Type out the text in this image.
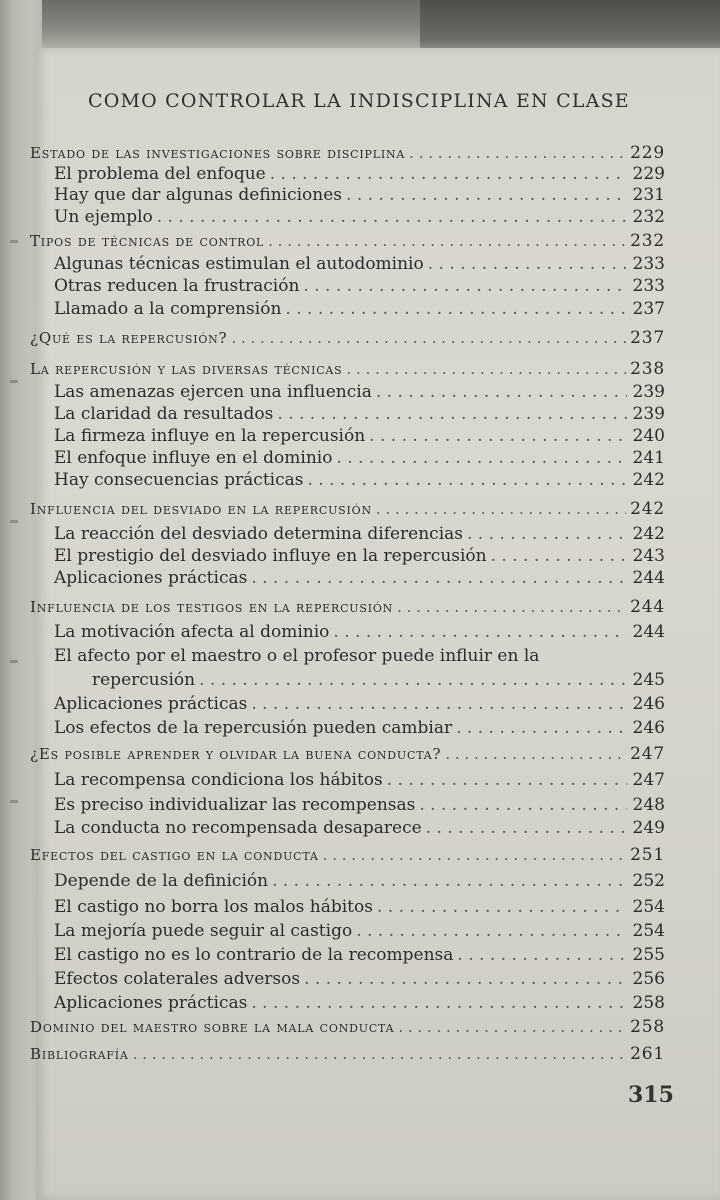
COMO CONTROLAR LA INDISCIPLINA EN CLASE
Estado de las investigaciones sobre disciplina . . .	229
El problema del enfoque . . .	229
Hay que dar algunas definiciones . . .	231
Un ejemplo . . .	232
Tipos de técnicas de control . . .	232
Algunas técnicas estimulan el autodominio . . .	233
Otras reducen la frustración . . .	233
Llamado a la comprensión . . .	237
¿Qué es la repercusión? . . .	237
La repercusión y las diversas técnicas . . .	238
Las amenazas ejercen una influencia . . .	239
La claridad da resultados . . .	239
La firmeza influye en la repercusión . . .	240
El enfoque influye en el dominio . . .	241
Hay consecuencias prácticas . . .	242
Influencia del desviado en la repercusión . . .	242
La reacción del desviado determina diferencias . . .	242
El prestigio del desviado influye en la repercusión . . .	243
Aplicaciones prácticas . . .	244
Influencia de los testigos en la repercusión . . .	244
La motivación afecta al dominio . . .	244
El afecto por el maestro o el profesor puede influir en la
repercusión . . .	245
Aplicaciones prácticas . . .	246
Los efectos de la repercusión pueden cambiar . . .	246
¿Es posible aprender y olvidar la buena conducta? . . .	247
La recompensa condiciona los hábitos . . .	247
Es preciso individualizar las recompensas . . .	248
La conducta no recompensada desaparece . . .	249
Efectos del castigo en la conducta . . .	251
Depende de la definición . . .	252
El castigo no borra los malos hábitos . . .	254
La mejoría puede seguir al castigo . . .	254
El castigo no es lo contrario de la recompensa . . .	255
Efectos colaterales adversos . . .	256
Aplicaciones prácticas . . .	258
Dominio del maestro sobre la mala conducta . . .	258
Bibliografía . . .	261
315
